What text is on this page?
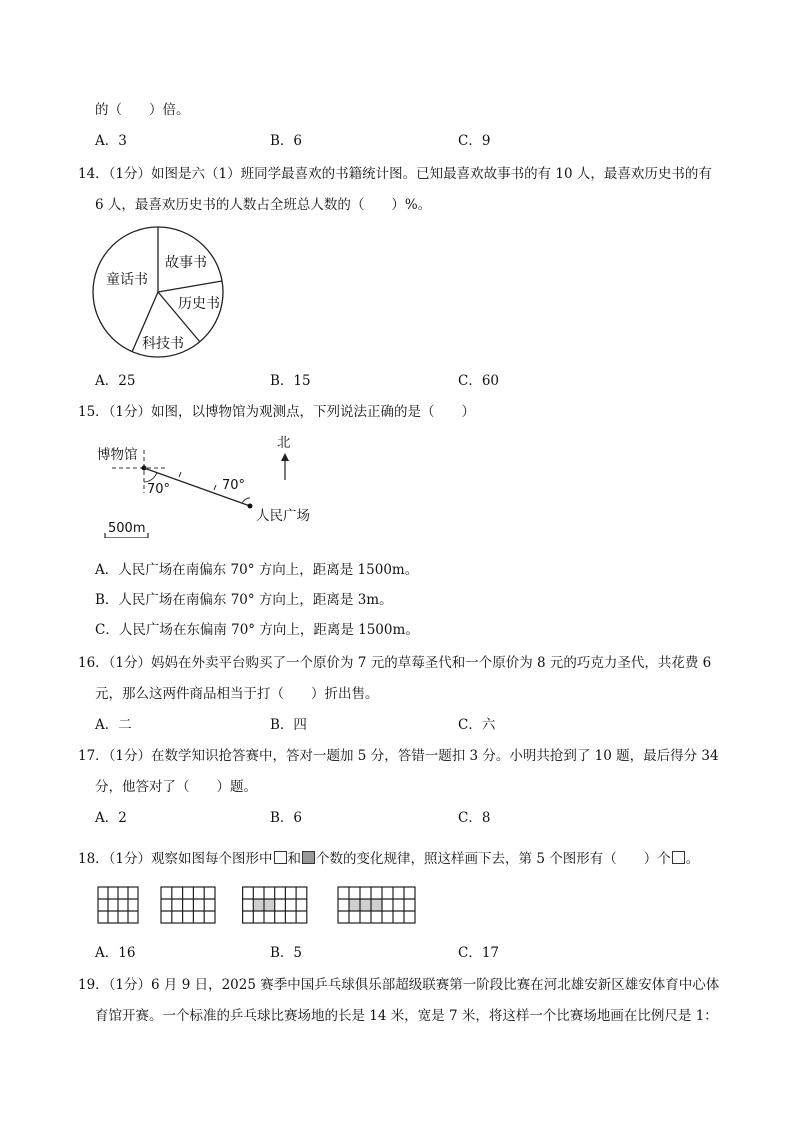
的（　　）倍。
A．3	B．6	C．9
14．（1分）如图是六（1）班同学最喜欢的书籍统计图。已知最喜欢故事书的有 10 人，最喜欢历史书的有
6 人，最喜欢历史书的人数占全班总人数的（　　）%。
故事书
历史书
科技书
童话书
A．25	B．15	C．60
15．（1分）如图，以博物馆为观测点，下列说法正确的是（　　）
博物馆
70°	70°
人民广场
北
500m
A．人民广场在南偏东 70° 方向上，距离是 1500m。
B．人民广场在南偏东 70° 方向上，距离是 3m。
C．人民广场在东偏南 70° 方向上，距离是 1500m。
16．（1分）妈妈在外卖平台购买了一个原价为 7 元的草莓圣代和一个原价为 8 元的巧克力圣代，共花费 6
元，那么这两件商品相当于打（　　）折出售。
A．二	B．四	C．六
17．（1分）在数学知识抢答赛中，答对一题加 5 分，答错一题扣 3 分。小明共抢到了 10 题，最后得分 34
分，他答对了（　　）题。
A．2	B．6	C．8
18．（1分）观察如图每个图形中 和 个数的变化规律，照这样画下去，第 5 个图形有（　　）个 。
A．16	B．5	C．17
19．（1分）6 月 9 日，2025 赛季中国乒乓球俱乐部超级联赛第一阶段比赛在河北雄安新区雄安体育中心体
育馆开赛。一个标准的乒乓球比赛场地的长是 14 米，宽是 7 米，将这样一个比赛场地画在比例尺是 1：
